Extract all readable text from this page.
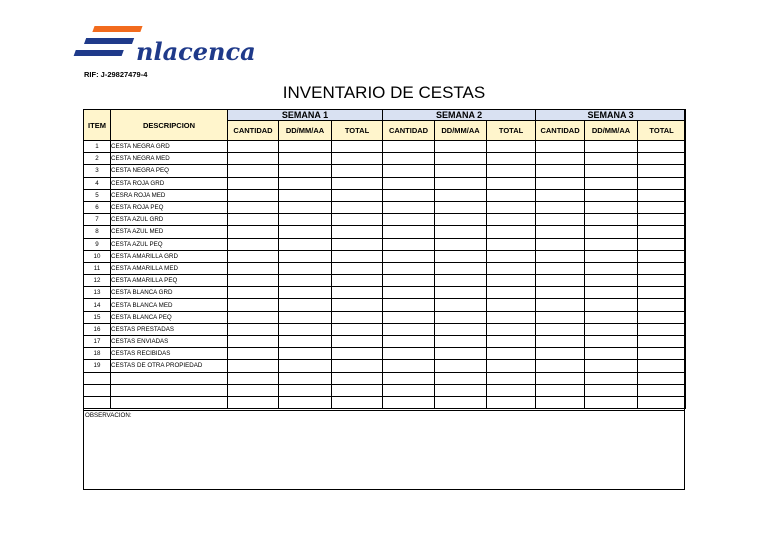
nlacenca
RIF: J-29827479-4
INVENTARIO DE CESTAS
ITEM	DESCRIPCION	SEMANA 1			SEMANA 2			SEMANA 3		
		CANTIDAD	DD/MM/AA	TOTAL	CANTIDAD	DD/MM/AA	TOTAL	CANTIDAD	DD/MM/AA	TOTAL
1	CESTA NEGRA GRD									
2	CESTA NEGRA MED									
3	CESTA NEGRA PEQ									
4	CESTA ROJA GRD									
5	CESRA ROJA MED									
6	CESTA ROJA PEQ									
7	CESTA AZUL GRD									
8	CESTA AZUL MED									
9	CESTA AZUL PEQ									
10	CESTA AMARILLA GRD									
11	CESTA AMARILLA MED									
12	CESTA AMARILLA PEQ									
13	CESTA BLANCA GRD									
14	CESTA BLANCA MED									
15	CESTA BLANCA PEQ									
16	CESTAS PRESTADAS									
17	CESTAS ENVIADAS									
18	CESTAS RECIBIDAS									
19	CESTAS DE OTRA PROPIEDAD									

OBSERVACION:
